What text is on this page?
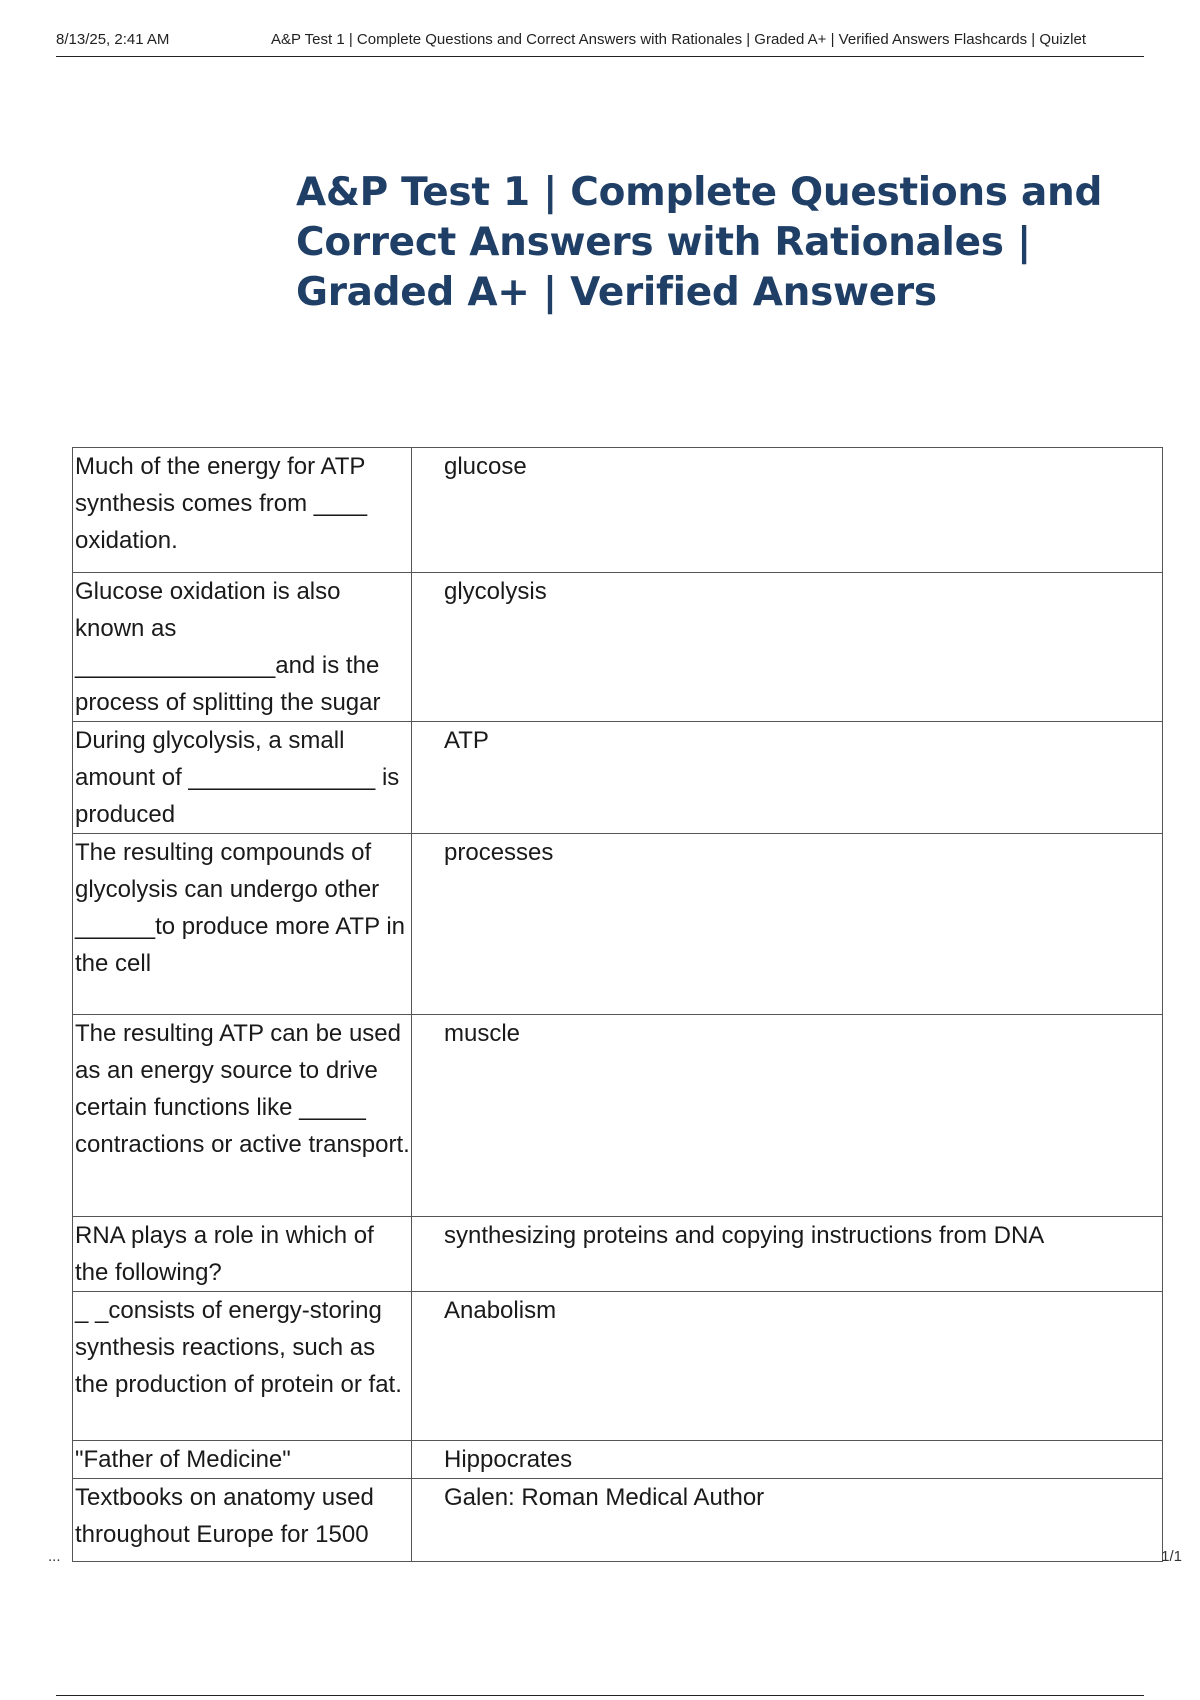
8/13/25, 2:41 AM	A&P Test 1 | Complete Questions and Correct Answers with Rationales | Graded A+ | Verified Answers Flashcards | Quizlet
A&P Test 1 | Complete Questions and Correct Answers with Rationales | Graded A+ | Verified Answers
Much of the energy for ATP synthesis comes from ____ oxidation.	glucose
Glucose oxidation is also known as _______________and is the process of splitting the sugar	glycolysis
During glycolysis, a small amount of ______________ is produced	ATP
The resulting compounds of glycolysis can undergo other ______to produce more ATP in the cell	processes
The resulting ATP can be used as an energy source to drive certain functions like _____ contractions or active transport.	muscle
RNA plays a role in which of the following?	synthesizing proteins and copying instructions from DNA
_ _consists of energy-storing synthesis reactions, such as the production of protein or fat.	Anabolism
"Father of Medicine"	Hippocrates
Textbooks on anatomy used throughout Europe for 1500	Galen: Roman Medical Author
...	1/1
